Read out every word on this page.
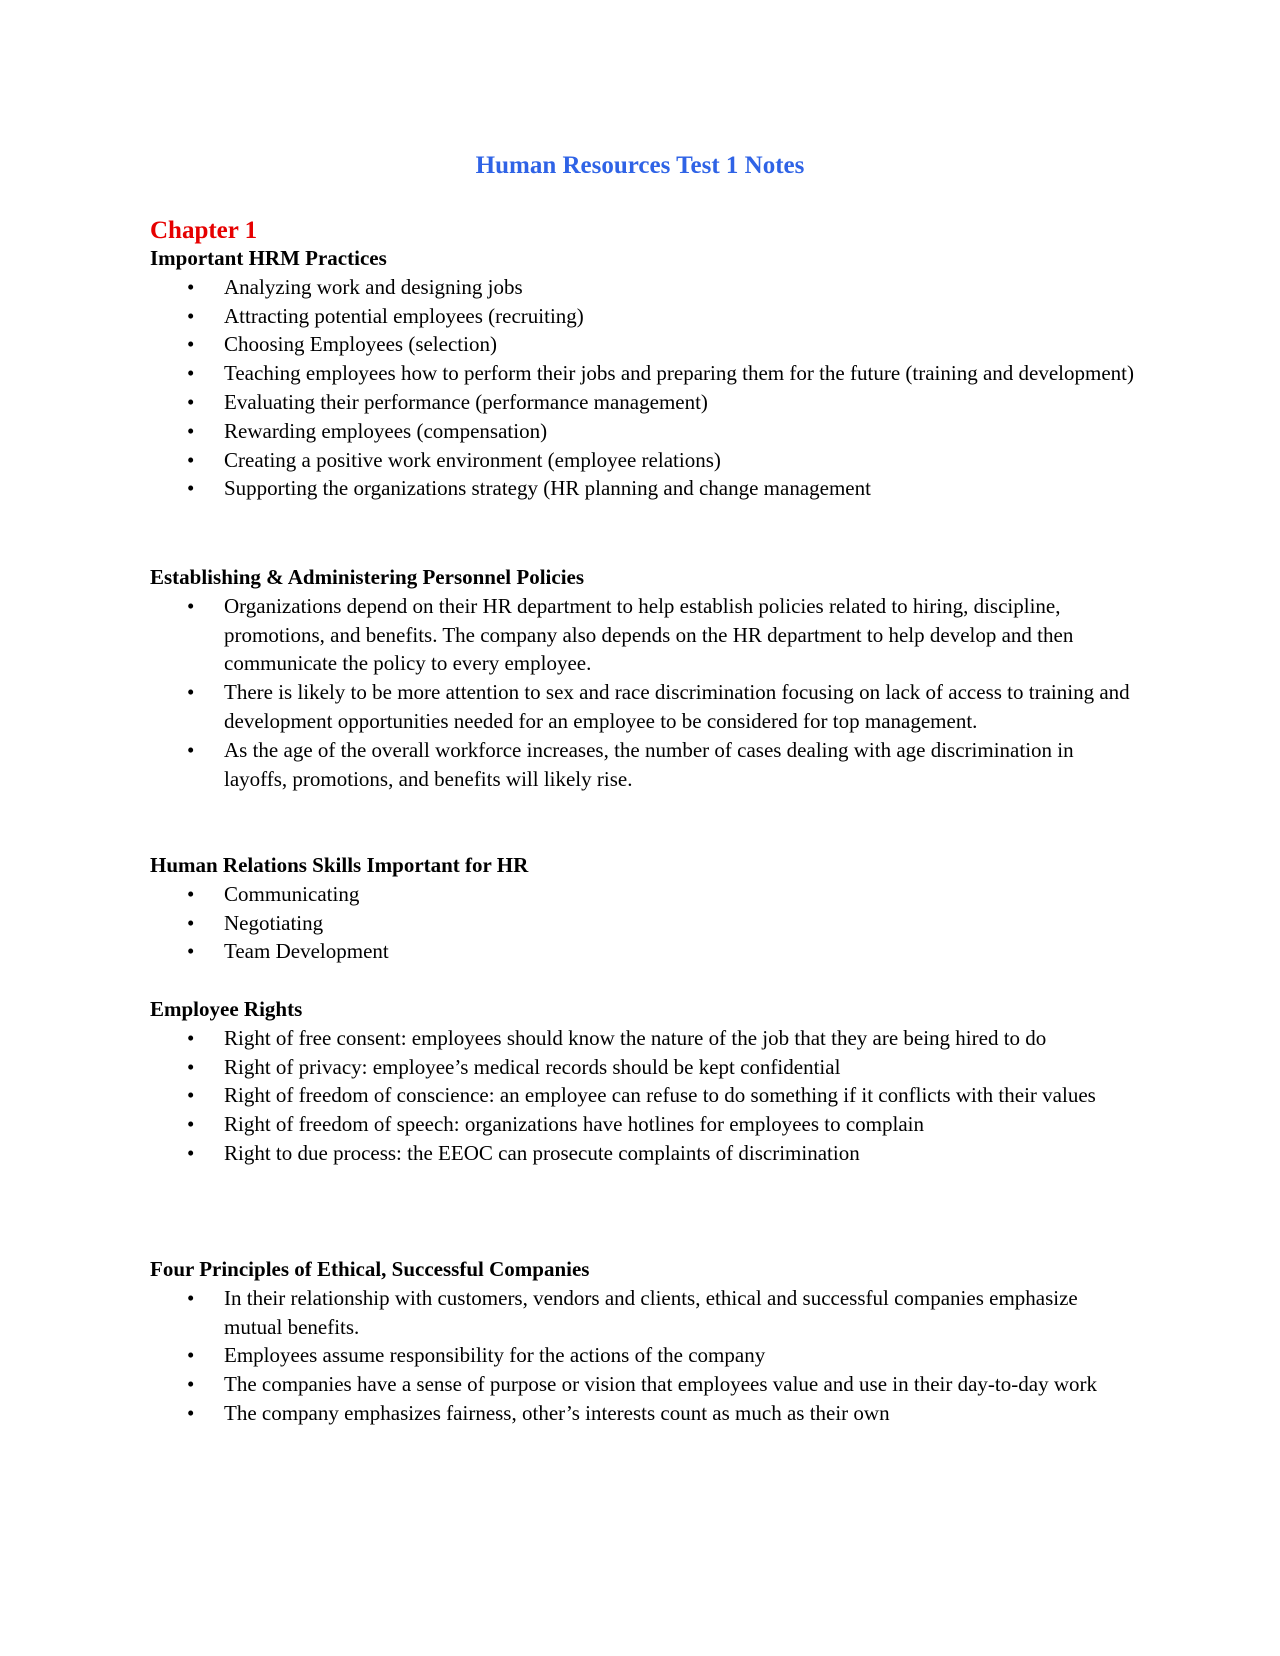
Human Resources Test 1 Notes
Chapter 1
Important HRM Practices
• Analyzing work and designing jobs
• Attracting potential employees (recruiting)
• Choosing Employees (selection)
• Teaching employees how to perform their jobs and preparing them for the future (training and development)
• Evaluating their performance (performance management)
• Rewarding employees (compensation)
• Creating a positive work environment (employee relations)
• Supporting the organizations strategy (HR planning and change management
Establishing & Administering Personnel Policies
• Organizations depend on their HR department to help establish policies related to hiring, discipline, promotions, and benefits. The company also depends on the HR department to help develop and then communicate the policy to every employee.
• There is likely to be more attention to sex and race discrimination focusing on lack of access to training and development opportunities needed for an employee to be considered for top management.
• As the age of the overall workforce increases, the number of cases dealing with age discrimination in layoffs, promotions, and benefits will likely rise.
Human Relations Skills Important for HR
• Communicating
• Negotiating
• Team Development
Employee Rights
• Right of free consent: employees should know the nature of the job that they are being hired to do
• Right of privacy: employee’s medical records should be kept confidential
• Right of freedom of conscience: an employee can refuse to do something if it conflicts with their values
• Right of freedom of speech: organizations have hotlines for employees to complain
• Right to due process: the EEOC can prosecute complaints of discrimination
Four Principles of Ethical, Successful Companies
• In their relationship with customers, vendors and clients, ethical and successful companies emphasize mutual benefits.
• Employees assume responsibility for the actions of the company
• The companies have a sense of purpose or vision that employees value and use in their day-to-day work
• The company emphasizes fairness, other’s interests count as much as their own
